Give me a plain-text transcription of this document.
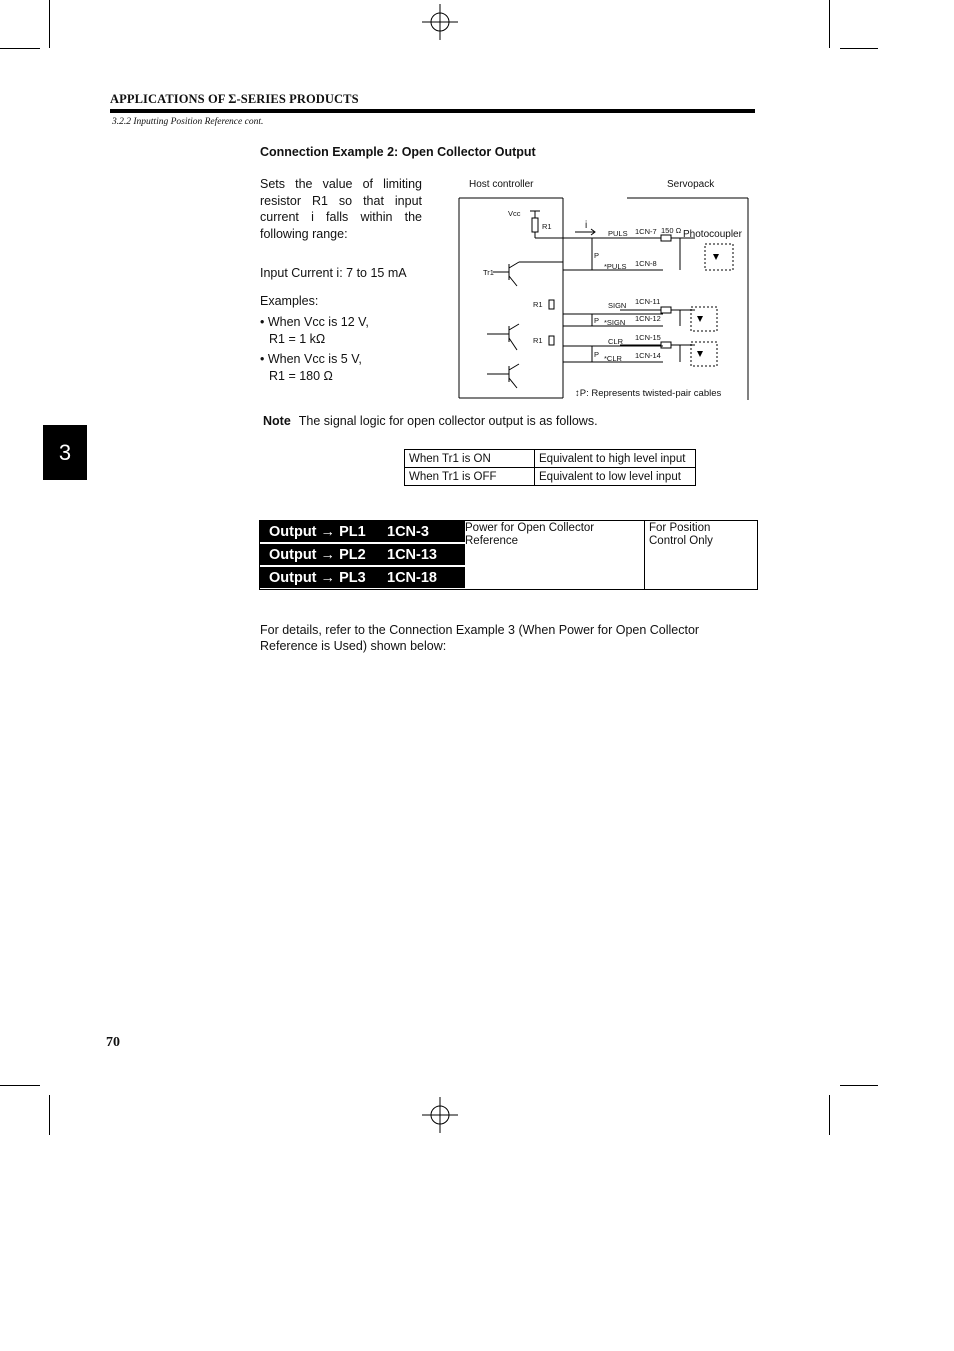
APPLICATIONS OF Σ-SERIES PRODUCTS
3.2.2 Inputting Position Reference cont.
3
Connection Example 2: Open Collector Output
Sets the value of limiting resistor R1 so that input current i falls within the following range:
Input Current i: 7 to 15 mA
Examples:
• When Vcc is 12 V,
R1 = 1 kΩ
• When Vcc is 5 V,
R1 = 180 Ω
Host controller	Servopack
Vcc
R1	i
Tr1
R1
R1
P
P
P
PULS
*PULS
SIGN
*SIGN
CLR
*CLR
1CN-7
1CN-8
1CN-11
1CN-12
1CN-15
1CN-14
150 Ω Photocoupler
↕P: Represents twisted-pair cables
Note The signal logic for open collector output is as follows.
When Tr1 is ON	Equivalent to high level input
When Tr1 is OFF	Equivalent to low level input
Output → PL1	1CN-3
Output → PL2	1CN-13
Output → PL3	1CN-18
Power for Open Collector
Reference
For Position
Control Only
For details, refer to the Connection Example 3 (When Power for Open Collector Reference is Used) shown below:
70
